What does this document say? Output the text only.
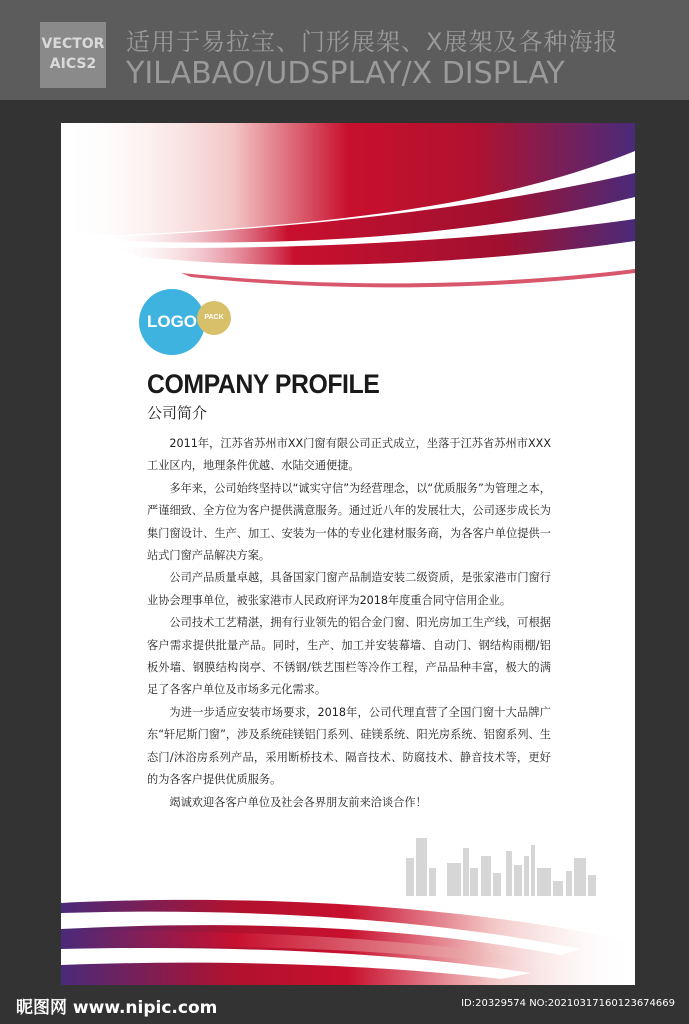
VECTOR
AICS2
适用于易拉宝、门形展架、X展架及各种海报
YILABAO/UDSPLAY/X DISPLAY
LOGO	PACK
COMPANY PROFILE
公司简介

2011年，江苏省苏州市XX门窗有限公司正式成立，坐落于江苏省苏州市XXX工业区内，地理条件优越、水陆交通便捷。

多年来，公司始终坚持以“诚实守信”为经营理念，以“优质服务”为管理之本，严谨细致、全方位为客户提供满意服务。通过近八年的发展壮大，公司逐步成长为集门窗设计、生产、加工、安装为一体的专业化建材服务商，为各客户单位提供一站式门窗产品解决方案。

公司产品质量卓越，具备国家门窗产品制造安装二级资质，是张家港市门窗行业协会理事单位，被张家港市人民政府评为2018年度重合同守信用企业。

公司技术工艺精湛，拥有行业领先的铝合金门窗、阳光房加工生产线，可根据客户需求提供批量产品。同时，生产、加工并安装幕墙、自动门、钢结构雨棚/铝板外墙、钢膜结构岗亭、不锈钢/铁艺围栏等冷作工程，产品品种丰富，极大的满足了各客户单位及市场多元化需求。

为进一步适应安装市场要求，2018年，公司代理直营了全国门窗十大品牌广东“轩尼斯门窗”，涉及系统硅镁铝门系列、硅镁系统、阳光房系统、铝窗系列、生态门/沐浴房系列产品，采用断桥技术、隔音技术、防腐技术、静音技术等，更好的为各客户提供优质服务。

竭诚欢迎各客户单位及社会各界朋友前来洽谈合作！

昵图网 www.nipic.com	ID:20329574 NO:20210317160123674669
